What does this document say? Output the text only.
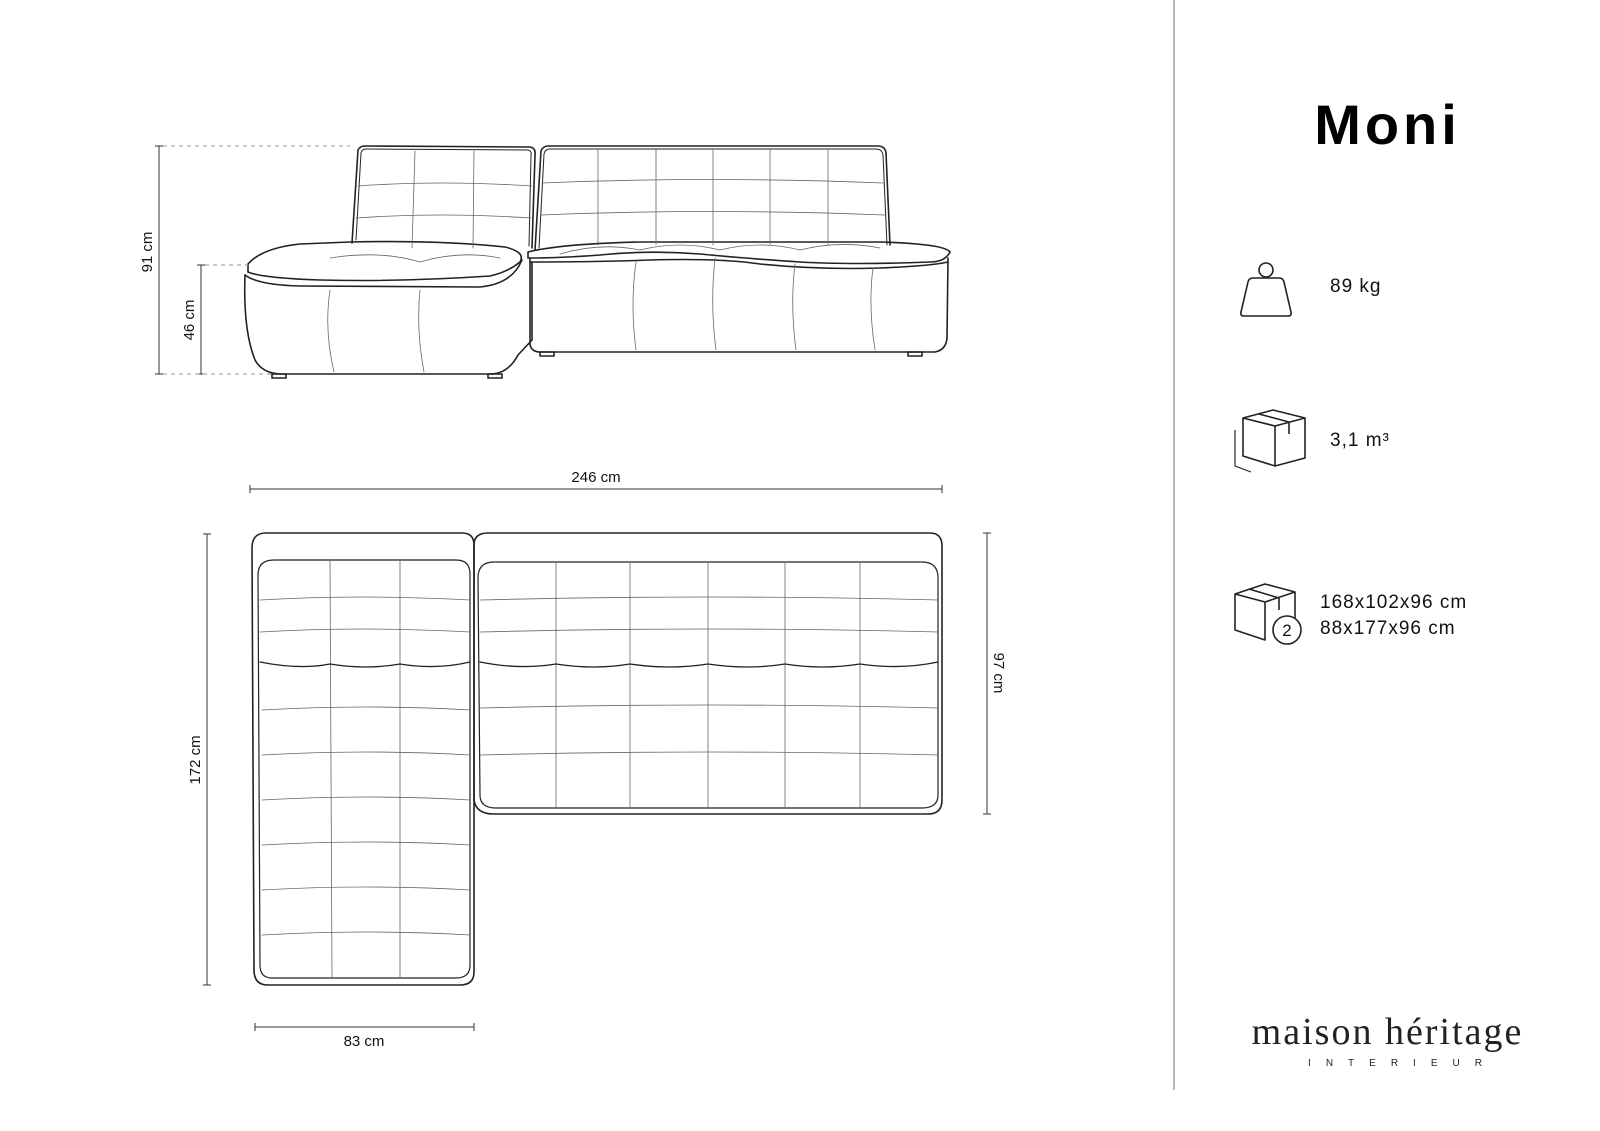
91 cm
46 cm
246 cm
172 cm
97 cm
83 cm
Moni
89 kg
3,1 m³
2
168x102x96 cm
88x177x96 cm
maison héritage
INTERIEUR
